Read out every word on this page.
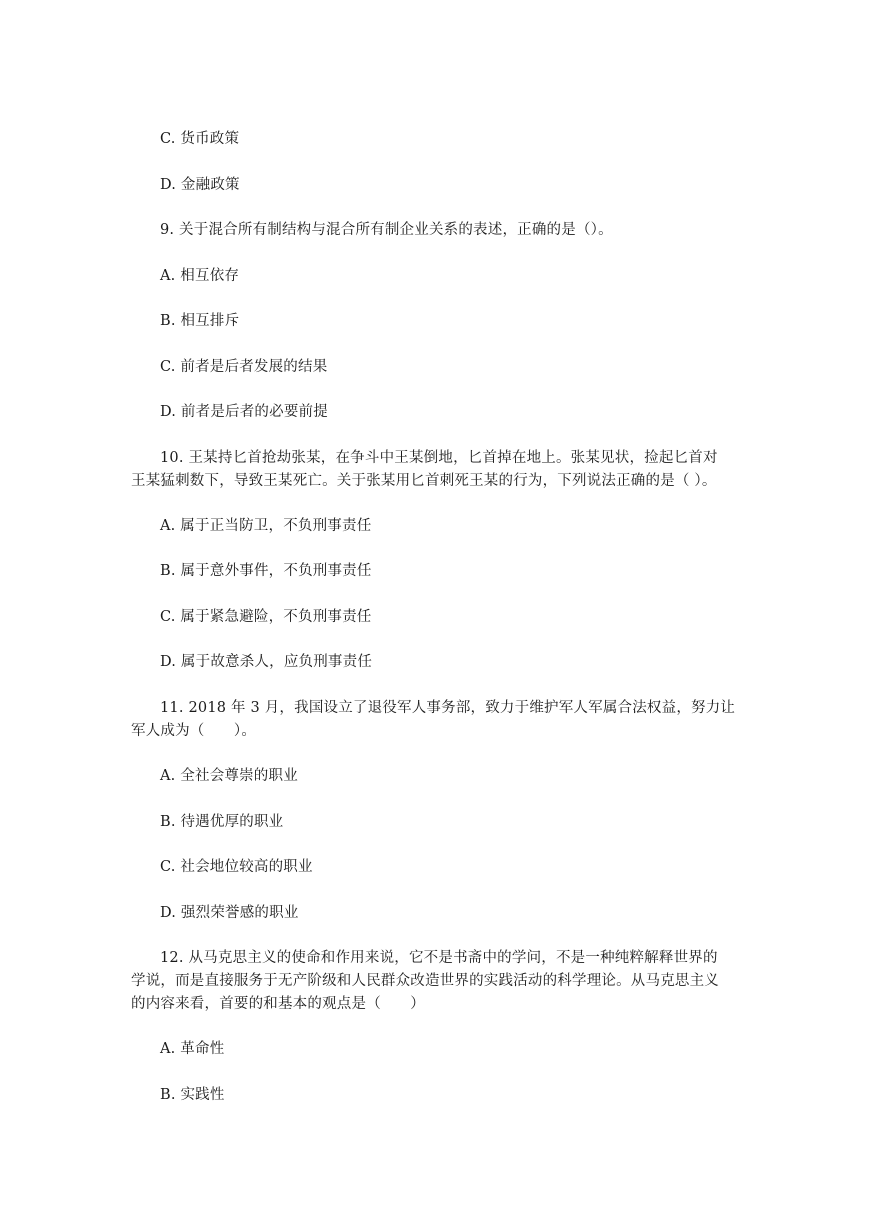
C. 货币政策
D. 金融政策
9. 关于混合所有制结构与混合所有制企业关系的表述，正确的是（）。
A. 相互依存
B. 相互排斥
C. 前者是后者发展的结果
D. 前者是后者的必要前提
10. 王某持匕首抢劫张某，在争斗中王某倒地，匕首掉在地上。张某见状，捡起匕首对
王某猛刺数下，导致王某死亡。关于张某用匕首刺死王某的行为，下列说法正确的是（ ）。
A. 属于正当防卫，不负刑事责任
B. 属于意外事件，不负刑事责任
C. 属于紧急避险，不负刑事责任
D. 属于故意杀人，应负刑事责任
11. 2018 年 3 月，我国设立了退役军人事务部，致力于维护军人军属合法权益，努力让
军人成为（　　）。
A. 全社会尊崇的职业
B. 待遇优厚的职业
C. 社会地位较高的职业
D. 强烈荣誉感的职业
12. 从马克思主义的使命和作用来说，它不是书斋中的学问，不是一种纯粹解释世界的
学说，而是直接服务于无产阶级和人民群众改造世界的实践活动的科学理论。从马克思主义
的内容来看，首要的和基本的观点是（　　）
A. 革命性
B. 实践性
